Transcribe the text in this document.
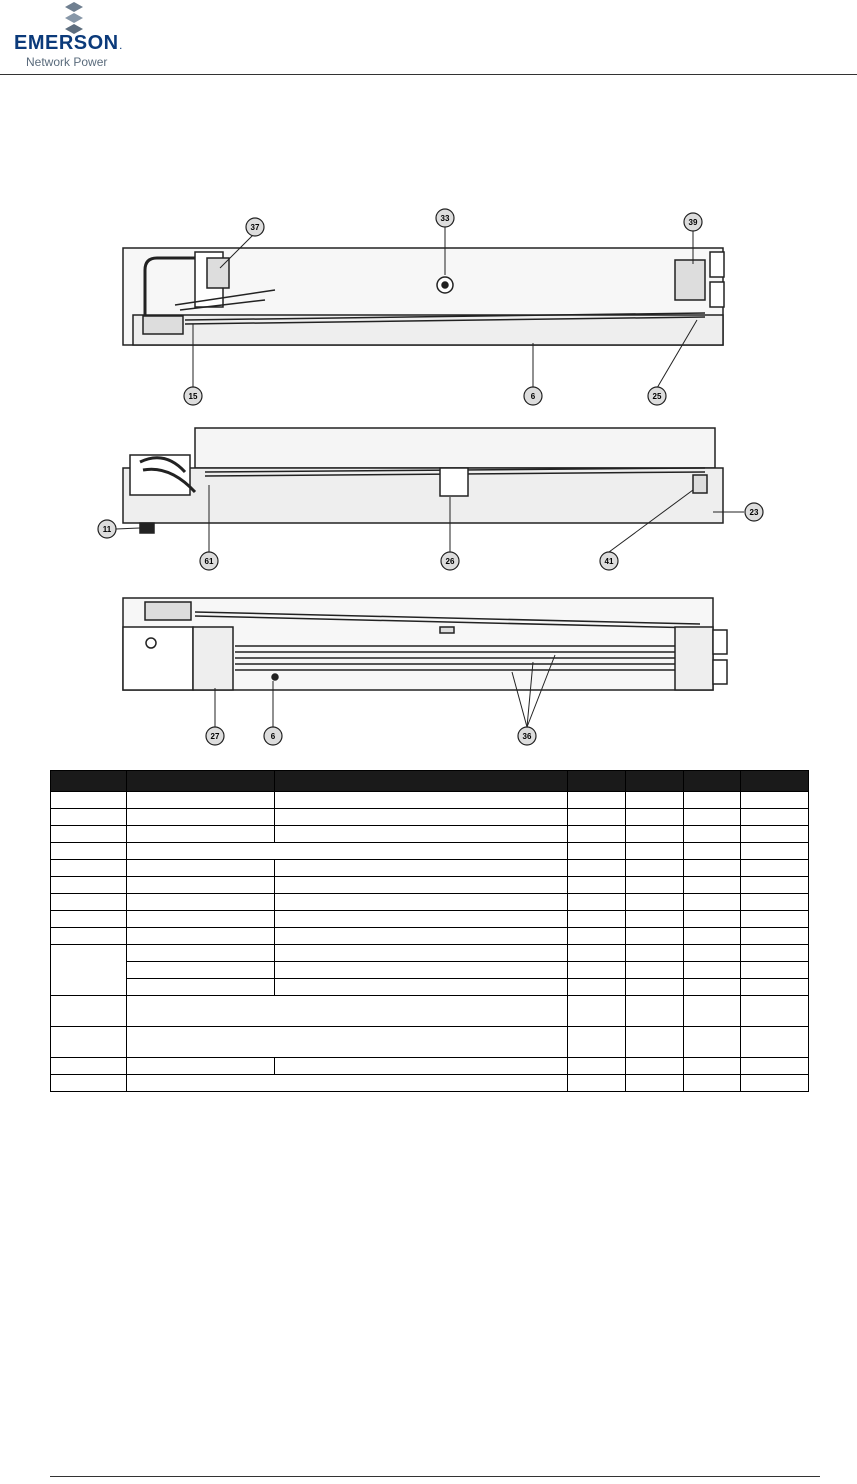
EMERSON.
Network Power
37
33	39
15	6	25
11
61	26	41
23
27	6	36
